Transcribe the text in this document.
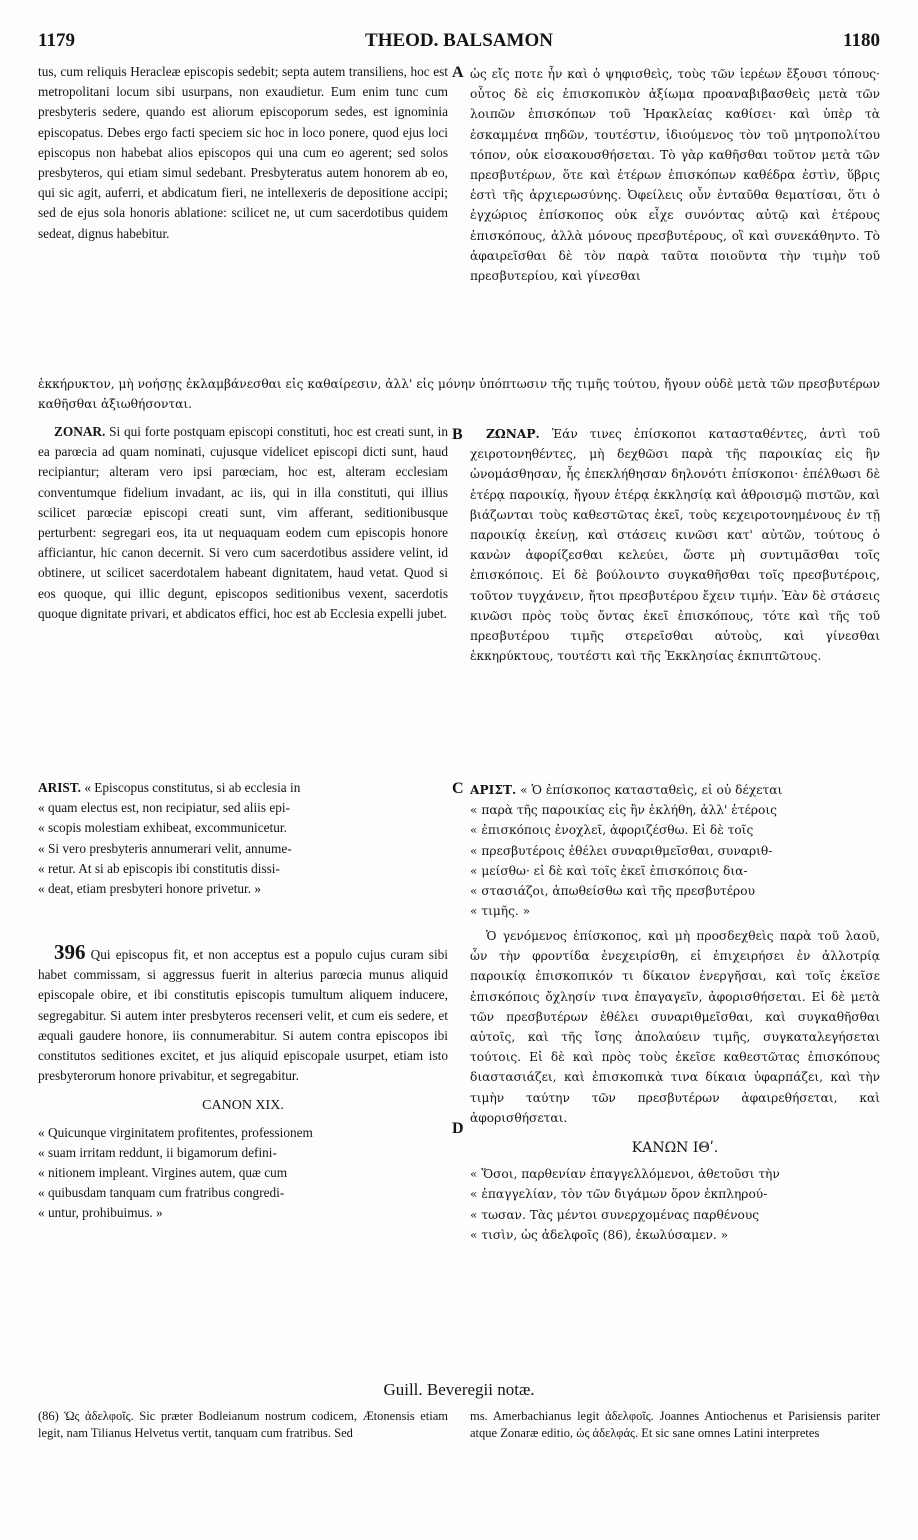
1179	THEOD. BALSAMON	1180

tus, cum reliquis Heracleæ episcopis sedebit; septa autem transiliens, hoc est metropolitani locum sibi usurpans, non exaudietur. Eum enim tunc cum presbyteris sedere, quando est aliorum episcoporum sedes, est ignominia episcopatus. Debes ergo facti speciem sic hoc in loco ponere, quod ejus loci episcopus non habebat alios episcopos qui una cum eo agerent; sed solos presbyteros, qui etiam simul sedebant. Presbyteratus autem honorem ab eo, qui sic agit, auferri, et abdicatum fieri, ne intellexeris de depositione accipi; sed de ejus sola honoris ablatione: scilicet ne, ut cum sacerdotibus quidem sedeat, dignus habebitur.

A ὡς εἴς ποτε ἦν καὶ ὁ ψηφισθεὶς, τοὺς τῶν ἱερέων ἔξουσι τόπους· οὗτος δὲ εἰς ἐπισκοπικὸν ἀξίωμα προαναβιβασθεὶς μετὰ τῶν λοιπῶν ἐπισκόπων τοῦ Ἡρακλείας καθίσει· καὶ ὑπὲρ τὰ ἐσκαμμένα πηδῶν, τουτέστιν, ἰδιούμενος τὸν τοῦ μητροπολίτου τόπον, οὐκ εἰσακουσθήσεται. Τὸ γὰρ καθῆσθαι τοῦτον μετὰ τῶν πρεσβυτέρων, ὅτε καὶ ἑτέρων ἐπισκόπων καθέδρα ἐστὶν, ὕβρις ἐστὶ τῆς ἀρχιερωσύνης. Ὀφείλεις οὖν ἐνταῦθα θεματίσαι, ὅτι ὁ ἐγχώριος ἐπίσκοπος οὐκ εἶχε συνόντας αὐτῷ καὶ ἑτέρους ἐπισκόπους, ἀλλὰ μόνους πρεσβυτέρους, οἳ καὶ συνεκάθηντο. Τὸ ἀφαιρεῖσθαι δὲ τὸν παρὰ ταῦτα ποιοῦντα τὴν τιμὴν τοῦ πρεσβυτερίου, καὶ γίνεσθαι

ἐκκήρυκτον, μὴ νοήσῃς ἐκλαμβάνεσθαι εἰς καθαίρεσιν, ἀλλ' εἰς μόνην ὑπόπτωσιν τῆς τιμῆς τούτου, ἤγουν οὐδὲ μετὰ τῶν πρεσβυτέρων καθῆσθαι ἀξιωθήσονται.

ZONAR. Si qui forte postquam episcopi constituti, hoc est creati sunt, in ea parœcia ad quam nominati, cujusque videlicet episcopi dicti sunt, haud recipiantur; alteram vero ipsi parœciam, hoc est, alteram ecclesiam conventumque fidelium invadant, ac iis, qui in illa constituti, qui illius scilicet parœciæ episcopi creati sunt, vim afferant, seditionibusque perturbent: segregari eos, ita ut nequaquam eodem cum episcopis honore afficiantur, hic canon decernit. Si vero cum sacerdotibus assidere velint, id obtinere, ut scilicet sacerdotalem habeant dignitatem, haud vetat. Quod si eos quoque, qui illic degunt, episcopos seditionibus vexent, sacerdotis quoque dignitate privari, et abdicatos effici, hoc est ab Ecclesia expelli jubet.

B	ΖΩΝΑΡ. Ἐάν τινες ἐπίσκοποι κατασταθέντες, ἀντὶ τοῦ χειροτονηθέντες, μὴ δεχθῶσι παρὰ τῆς παροικίας εἰς ἣν ὠνομάσθησαν, ἧς ἐπεκλήθησαν δηλονότι ἐπίσκοποι· ἐπέλθωσι δὲ ἑτέρᾳ παροικίᾳ, ἤγουν ἑτέρᾳ ἐκκλησίᾳ καὶ ἀθροισμῷ πιστῶν, καὶ βιάζωνται τοὺς καθεστῶτας ἐκεῖ, τοὺς κεχειροτονημένους ἐν τῇ παροικίᾳ ἐκείνῃ, καὶ στάσεις κινῶσι κατ' αὐτῶν, τούτους ὁ κανὼν ἀφορίζεσθαι κελεύει, ὥστε μὴ συντιμᾶσθαι τοῖς ἐπισκόποις. Εἰ δὲ βούλοιντο συγκαθῆσθαι τοῖς πρεσβυτέροις, τοῦτον τυγχάνειν, ἤτοι πρεσβυτέρου ἔχειν τιμήν. Ἐὰν δὲ στάσεις κινῶσι πρὸς τοὺς ὄντας ἐκεῖ ἐπισκόπους, τότε καὶ τῆς τοῦ πρεσβυτέρου τιμῆς στερεῖσθαι αὐτοὺς, καὶ γίνεσθαι ἐκκηρύκτους, τουτέστι καὶ τῆς Ἐκκλησίας ἐκπιπτῶτους.

ARIST. « Episcopus constitutus, si ab ecclesia in

« quam electus est, non recipiatur, sed aliis epi-

« scopis molestiam exhibeat, excommunicetur.

« Si vero presbyteris annumerari velit, annume-

« retur. At si ab episcopis ibi constitutis dissi-

« deat, etiam presbyteri honore privetur. »

C ΑΡΙΣΤ. « Ὁ ἐπίσκοπος κατασταθεὶς, εἰ οὐ δέχεται

« παρὰ τῆς παροικίας εἰς ἣν ἐκλήθη, ἀλλ' ἑτέροις

« ἐπισκόποις ἐνοχλεῖ, ἀφοριζέσθω. Εἰ δὲ τοῖς

« πρεσβυτέροις ἐθέλει συναριθμεῖσθαι, συναριθ-

« μείσθω· εἰ δὲ καὶ τοῖς ἐκεῖ ἐπισκόποις δια-

« στασιάζοι, ἀπωθείσθω καὶ τῆς πρεσβυτέρου

« τιμῆς. »

396 Qui episcopus fit, et non acceptus est a populo cujus curam sibi habet commissam, si aggressus fuerit in alterius parœcia munus aliquid episcopale obire, et ibi constitutis episcopis tumultum aliquem inducere, segregabitur. Si autem inter presbyteros recenseri velit, et cum eis sedere, et æquali gaudere honore, iis connumerabitur. Si autem contra episcopos ibi constitutos seditiones excitet, et jus aliquid episcopale usurpet, etiam isto presbyterorum honore privabitur, et segregabitur.

CANON XIX.

« Quicunque virginitatem profitentes, professionem

« suam irritam reddunt, ii bigamorum defini-

« nitionem impleant. Virgines autem, quæ cum

« quibusdam tanquam cum fratribus congredi-

« untur, prohibuimus. »

D

Ὁ γενόμενος ἐπίσκοπος, καὶ μὴ προσδεχθεὶς παρὰ τοῦ λαοῦ, ὧν τὴν φροντίδα ἐνεχειρίσθη, εἰ ἐπιχειρήσει ἐν ἀλλοτρίᾳ παροικίᾳ ἐπισκοπικόν τι δίκαιον ἐνεργῆσαι, καὶ τοῖς ἐκεῖσε ἐπισκόποις ὄχλησίν τινα ἐπαγαγεῖν, ἀφορισθήσεται. Εἰ δὲ μετὰ τῶν πρεσβυτέρων ἐθέλει συναριθμεῖσθαι, καὶ συγκαθῆσθαι αὐτοῖς, καὶ τῆς ἴσης ἀπολαύειν τιμῆς, συγκαταλεγήσεται τούτοις. Εἰ δὲ καὶ πρὸς τοὺς ἐκεῖσε καθεστῶτας ἐπισκόπους διαστασιάζει, καὶ ἐπισκοπικὰ τινα δίκαια ὑφαρπάζει, καὶ τὴν τιμὴν ταύτην τῶν πρεσβυτέρων ἀφαιρεθήσεται, καὶ ἀφορισθήσεται.

ΚΑΝΩΝ ΙΘʹ.

« Ὅσοι, παρθενίαν ἐπαγγελλόμενοι, ἀθετοῦσι τὴν

« ἐπαγγελίαν, τὸν τῶν διγάμων ὅρον ἐκπληρού-

« τωσαν. Τὰς μέντοι συνερχομένας παρθένους

« τισὶν, ὡς ἀδελφοῖς (86), ἐκωλύσαμεν. »

Guill. Beveregii notæ.

(86) Ὡς ἀδελφοῖς. Sic præter Bodleianum nostrum codicem, Ætonensis etiam legit, nam Tilianus Helvetus vertit, tanquam cum fratribus. Sed

ms. Amerbachianus legit ἀδελφοῖς. Joannes Antiochenus et Parisiensis pariter atque Zonaræ editio, ὡς ἀδελφάς. Et sic sane omnes Latini interpretes
